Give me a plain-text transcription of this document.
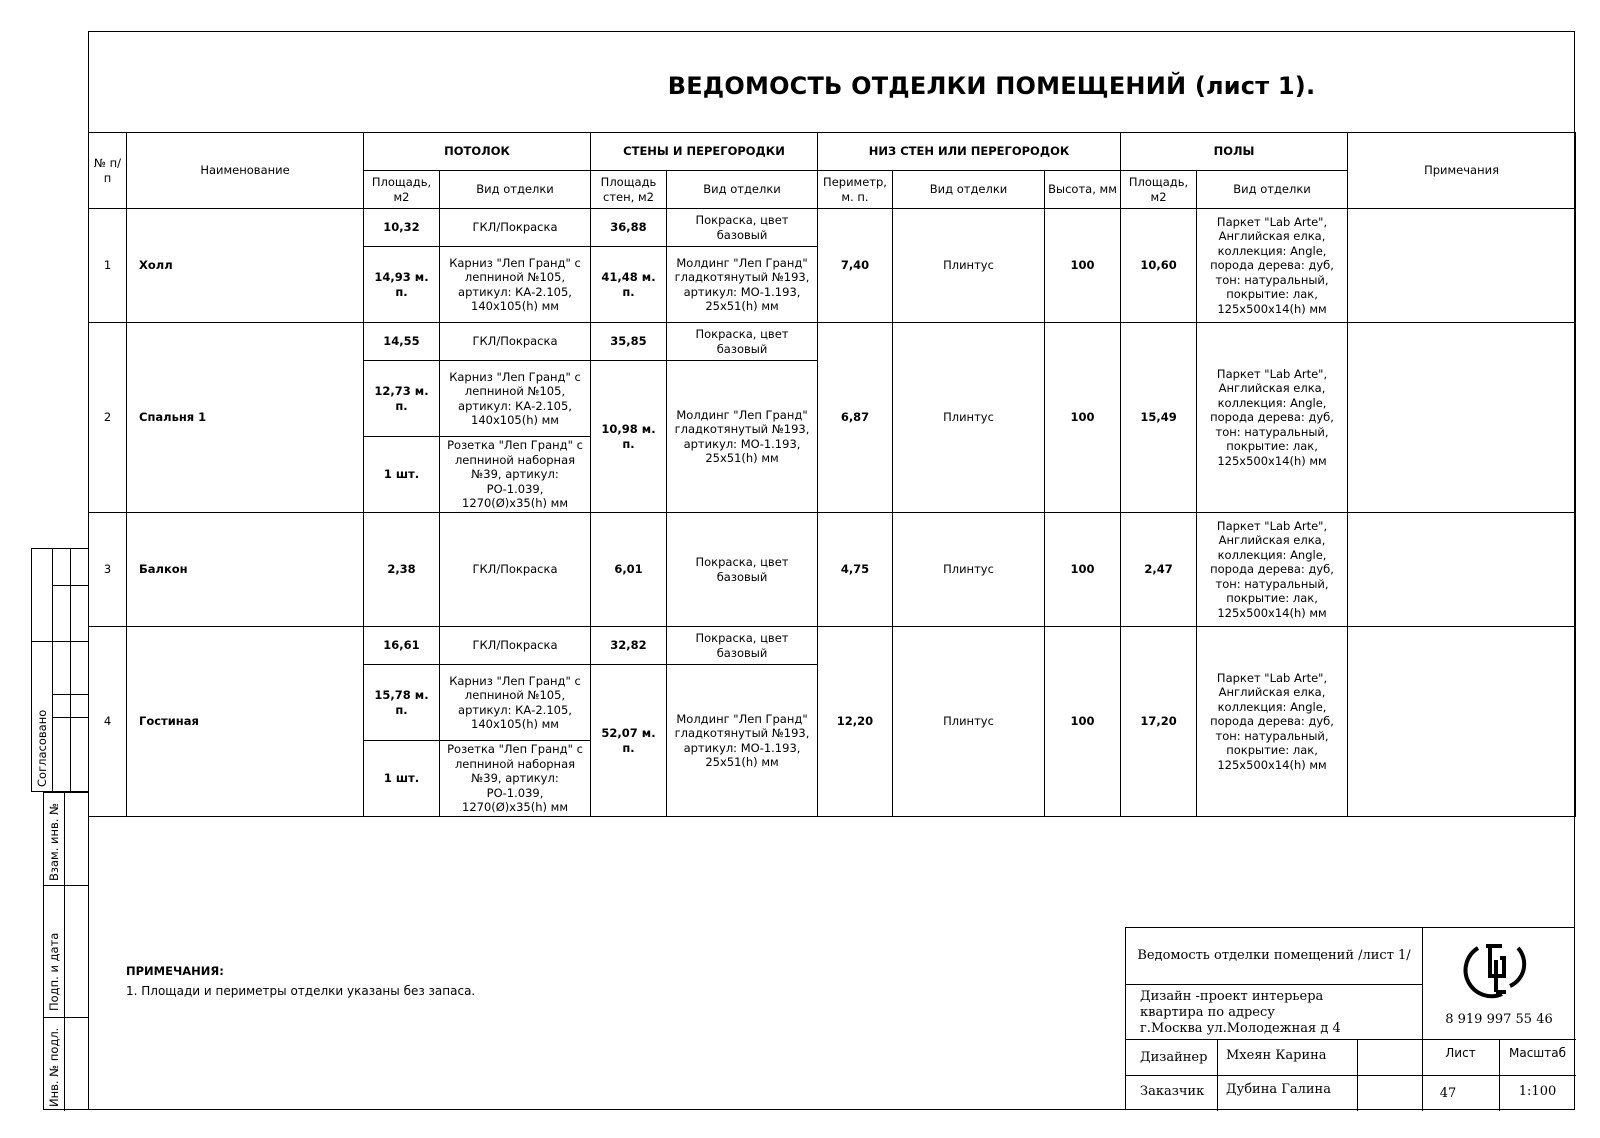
ВЕДОМОСТЬ ОТДЕЛКИ ПОМЕЩЕНИЙ (лист 1).
№ п/п	Наименование	ПОТОЛОК		СТЕНЫ И ПЕРЕГОРОДКИ		НИЗ СТЕН ИЛИ ПЕРЕГОРОДОК			ПОЛЫ		Примечания
		Площадь, м2	Вид отделки	Площадь стен, м2	Вид отделки	Периметр, м. п.	Вид отделки	Высота, мм	Площадь, м2	Вид отделки	
1	Холл	10,32	ГКЛ/Покраска	36,88	Покраска, цвет базовый	7,40	Плинтус	100	10,60	Паркет "Lab Arte", Английская елка, коллекция: Angle, порода дерева: дуб, тон: натуральный, покрытие: лак, 125x500x14(h) мм	
		14,93 м. п.	Карниз "Леп Гранд" с лепниной №105, артикул: КА-2.105, 140x105(h) мм	41,48 м. п.	Молдинг "Леп Гранд" гладкотянутый №193, артикул: МО-1.193, 25x51(h) мм						
2	Спальня 1	14,55	ГКЛ/Покраска	35,85	Покраска, цвет базовый	6,87	Плинтус	100	15,49	Паркет "Lab Arte", Английская елка, коллекция: Angle, порода дерева: дуб, тон: натуральный, покрытие: лак, 125x500x14(h) мм	
		12,73 м. п.	Карниз "Леп Гранд" с лепниной №105, артикул: КА-2.105, 140x105(h) мм	10,98 м. п.	Молдинг "Леп Гранд" гладкотянутый №193, артикул: МО-1.193, 25x51(h) мм						
		1 шт.	Розетка "Леп Гранд" с лепниной наборная №39, артикул: РО-1.039, 1270(Ø)x35(h) мм								
3	Балкон	2,38	ГКЛ/Покраска	6,01	Покраска, цвет базовый	4,75	Плинтус	100	2,47	Паркет "Lab Arte", Английская елка, коллекция: Angle, порода дерева: дуб, тон: натуральный, покрытие: лак, 125x500x14(h) мм	
4	Гостиная	16,61	ГКЛ/Покраска	32,82	Покраска, цвет базовый	12,20	Плинтус	100	17,20	Паркет "Lab Arte", Английская елка, коллекция: Angle, порода дерева: дуб, тон: натуральный, покрытие: лак, 125x500x14(h) мм	
		15,78 м. п.	Карниз "Леп Гранд" с лепниной №105, артикул: КА-2.105, 140x105(h) мм	52,07 м. п.	Молдинг "Леп Гранд" гладкотянутый №193, артикул: МО-1.193, 25x51(h) мм						
		1 шт.	Розетка "Леп Гранд" с лепниной наборная №39, артикул: РО-1.039, 1270(Ø)x35(h) мм								
ПРИМЕЧАНИЯ:
1. Площади и периметры отделки указаны без запаса.
Согласовано
Взам. инв. №
Подп. и дата
Инв. № подл.
Ведомость отделки помещений /лист 1/
Дизайн -проект интерьера
квартира по адресу
г.Москва ул.Молодежная д 4
8 919 997 55 46
Дизайнер Мхеян Карина
Заказчик Дубина Галина
Лист	Масштаб
47	1:100
